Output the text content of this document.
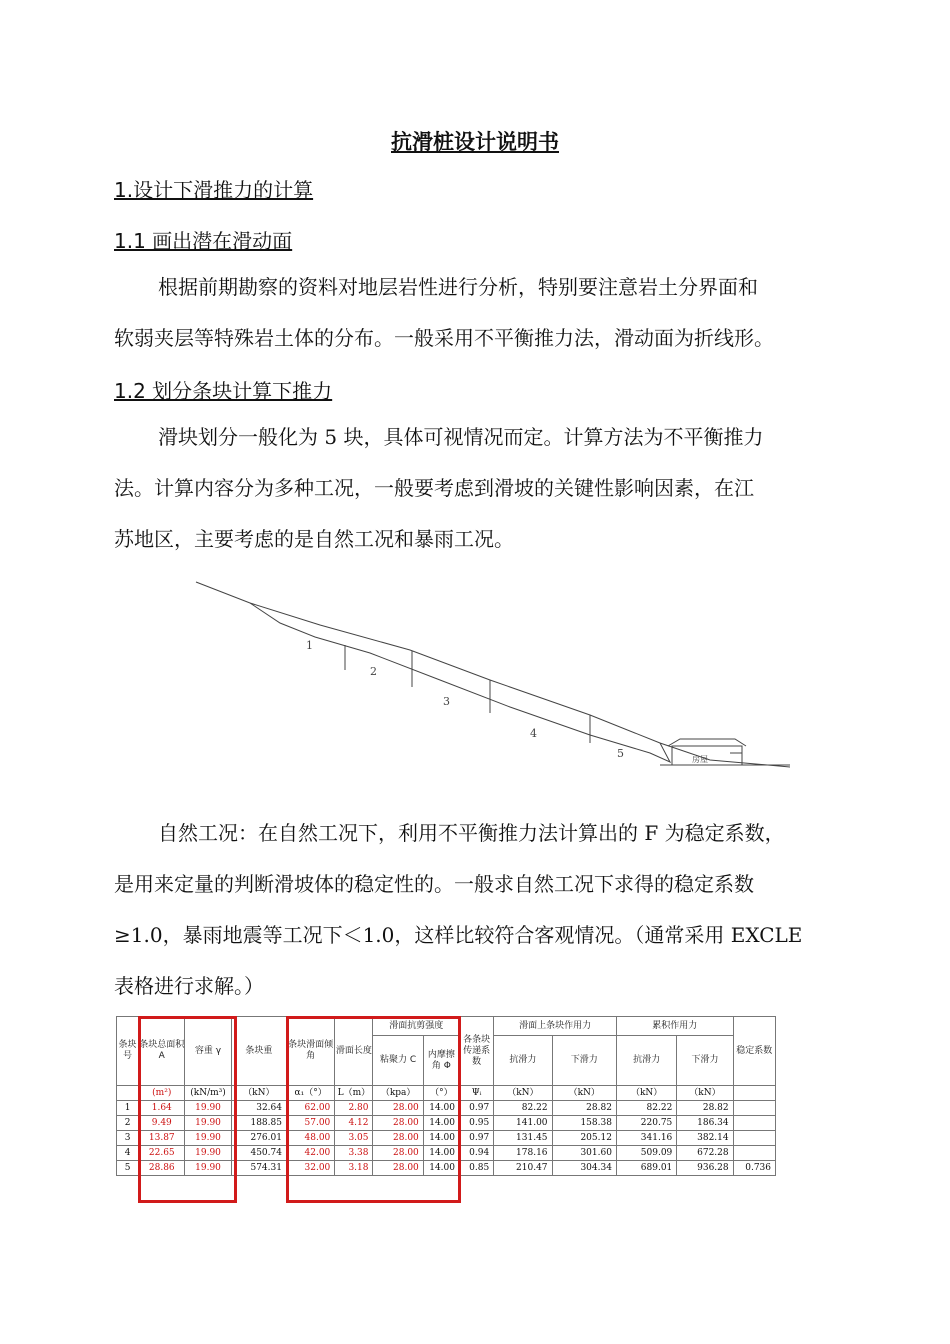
抗滑桩设计说明书
1.设计下滑推力的计算
1.1 画出潜在滑动面
根据前期勘察的资料对地层岩性进行分析，特别要注意岩土分界面和
软弱夹层等特殊岩土体的分布。一般采用不平衡推力法，滑动面为折线形。
1.2 划分条块计算下推力
滑块划分一般化为 5 块，具体可视情况而定。计算方法为不平衡推力
法。计算内容分为多种工况，一般要考虑到滑坡的关键性影响因素，在江
苏地区，主要考虑的是自然工况和暴雨工况。
1
2
3
4
5	房屋
自然工况：在自然工况下，利用不平衡推力法计算出的 F 为稳定系数，
是用来定量的判断滑坡体的稳定性的。一般求自然工况下求得的稳定系数
≥1.0，暴雨地震等工况下＜1.0，这样比较符合客观情况。（通常采用 EXCLE
表格进行求解。）
条块号	条块总面积 A	容重 γ	条块重	条块滑面倾角	滑面长度	滑面抗剪强度		各条块传递系数	滑面上条块作用力		累积作用力		稳定系数
						粘聚力 C	内摩擦角 Φ		抗滑力	下滑力	抗滑力	下滑力	
	(m²)	(kN/m³)	（kN）	α₁（°）	L（m）	（kpa）	（°）	Ψᵢ	（kN）	（kN）	（kN）	（kN）	
1	1.64	19.90	32.64	62.00	2.80	28.00	14.00	0.97	82.22	28.82	82.22	28.82	
2	9.49	19.90	188.85	57.00	4.12	28.00	14.00	0.95	141.00	158.38	220.75	186.34	
3	13.87	19.90	276.01	48.00	3.05	28.00	14.00	0.97	131.45	205.12	341.16	382.14	
4	22.65	19.90	450.74	42.00	3.38	28.00	14.00	0.94	178.16	301.60	509.09	672.28	
5	28.86	19.90	574.31	32.00	3.18	28.00	14.00	0.85	210.47	304.34	689.01	936.28	0.736
